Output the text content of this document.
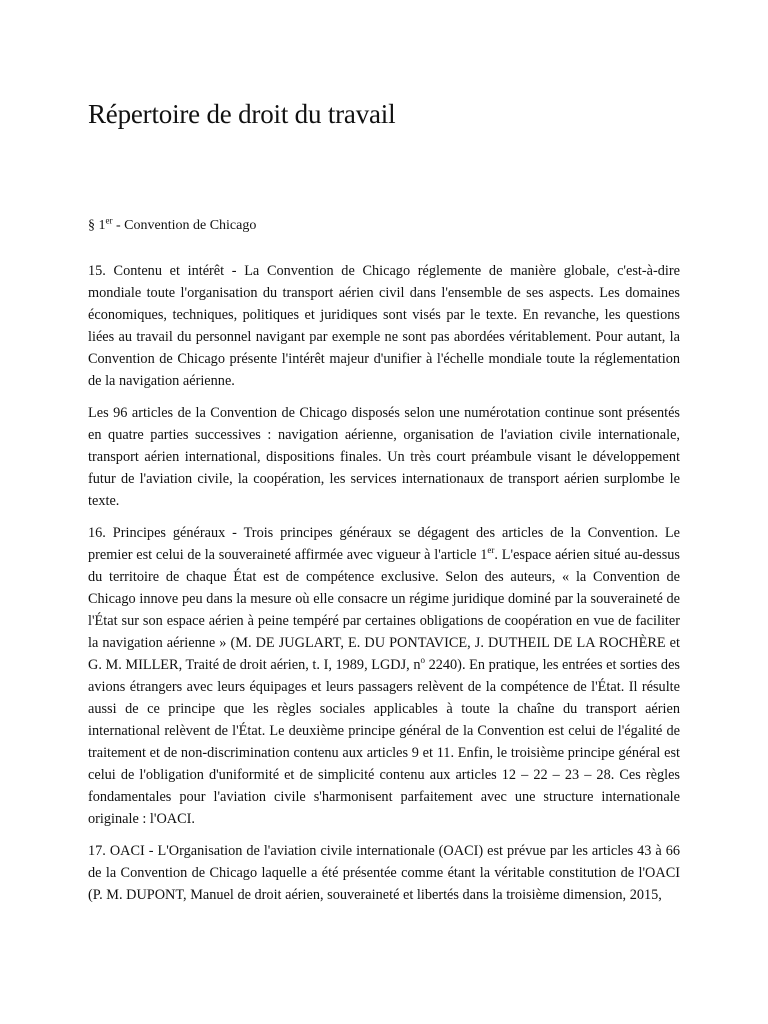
Répertoire de droit du travail
§ 1er - Convention de Chicago

15. Contenu et intérêt - La Convention de Chicago réglemente de manière globale, c'est-à-dire mondiale toute l'organisation du transport aérien civil dans l'ensemble de ses aspects. Les domaines économiques, techniques, politiques et juridiques sont visés par le texte. En revanche, les questions liées au travail du personnel navigant par exemple ne sont pas abordées véritablement. Pour autant, la Convention de Chicago présente l'intérêt majeur d'unifier à l'échelle mondiale toute la réglementation de la navigation aérienne.

Les 96 articles de la Convention de Chicago disposés selon une numérotation continue sont présentés en quatre parties successives : navigation aérienne, organisation de l'aviation civile internationale, transport aérien international, dispositions finales. Un très court préambule visant le développement futur de l'aviation civile, la coopération, les services internationaux de transport aérien surplombe le texte.

16. Principes généraux - Trois principes généraux se dégagent des articles de la Convention. Le premier est celui de la souveraineté affirmée avec vigueur à l'article 1er. L'espace aérien situé au-dessus du territoire de chaque État est de compétence exclusive. Selon des auteurs, « la Convention de Chicago innove peu dans la mesure où elle consacre un régime juridique dominé par la souveraineté de l'État sur son espace aérien à peine tempéré par certaines obligations de coopération en vue de faciliter la navigation aérienne » (M. DE JUGLART, E. DU PONTAVICE, J. DUTHEIL DE LA ROCHÈRE et G. M. MILLER, Traité de droit aérien, t. I, 1989, LGDJ, $n^o$ 2240). En pratique, les entrées et sorties des avions étrangers avec leurs équipages et leurs passagers relèvent de la compétence de l'État. Il résulte aussi de ce principe que les règles sociales applicables à toute la chaîne du transport aérien international relèvent de l'État. Le deuxième principe général de la Convention est celui de l'égalité de traitement et de non-discrimination contenu aux articles 9 et 11. Enfin, le troisième principe général est celui de l'obligation d'uniformité et de simplicité contenu aux articles 12 – 22 – 23 – 28. Ces règles fondamentales pour l'aviation civile s'harmonisent parfaitement avec une structure internationale originale : l'OACI.

17. OACI - L'Organisation de l'aviation civile internationale (OACI) est prévue par les articles 43 à 66 de la Convention de Chicago laquelle a été présentée comme étant la véritable constitution de l'OACI (P. M. DUPONT, Manuel de droit aérien, souveraineté et libertés dans la troisième dimension, 2015,
